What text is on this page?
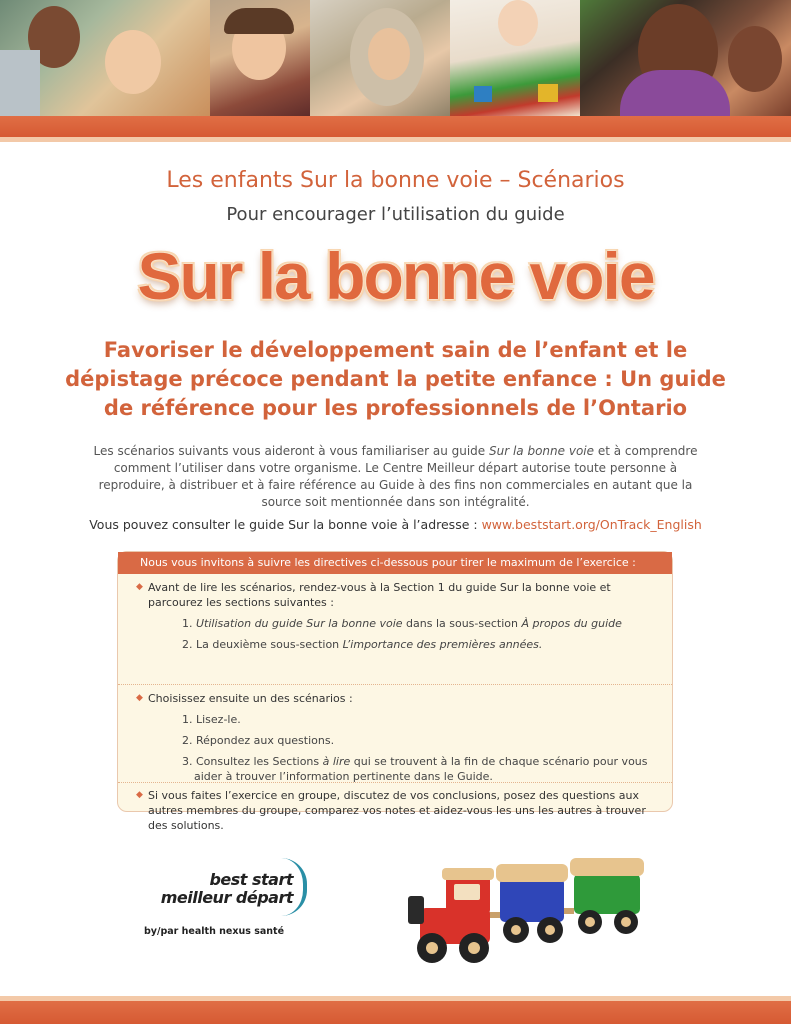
Les enfants Sur la bonne voie – Scénarios
Pour encourager l’utilisation du guide
Sur la bonne voie
Favoriser le développement sain de l’enfant et le
dépistage précoce pendant la petite enfance : Un guide
de référence pour les professionnels de l’Ontario
Les scénarios suivants vous aideront à vous familiariser au guide Sur la bonne voie et à comprendre comment l’utiliser dans votre organisme. Le Centre Meilleur départ autorise toute personne à reproduire, à distribuer et à faire référence au Guide à des fins non commerciales en autant que la source soit mentionnée dans son intégralité.
Vous pouvez consulter le guide Sur la bonne voie à l’adresse : www.beststart.org/OnTrack_English
Nous vous invitons à suivre les directives ci-dessous pour tirer le maximum de l’exercice :
◆ Avant de lire les scénarios, rendez-vous à la Section 1 du guide Sur la bonne voie et parcourez les sections suivantes :
1. Utilisation du guide Sur la bonne voie dans la sous-section À propos du guide
2. La deuxième sous-section L’importance des premières années.
◆ Choisissez ensuite un des scénarios :
1. Lisez-le.
2. Répondez aux questions.
3. Consultez les Sections à lire qui se trouvent à la fin de chaque scénario pour vous aider à trouver l’information pertinente dans le Guide.
◆ Si vous faites l’exercice en groupe, discutez de vos conclusions, posez des questions aux autres membres du groupe, comparez vos notes et aidez-vous les uns les autres à trouver des solutions.
best start
meilleur départ
by/par health nexus santé
